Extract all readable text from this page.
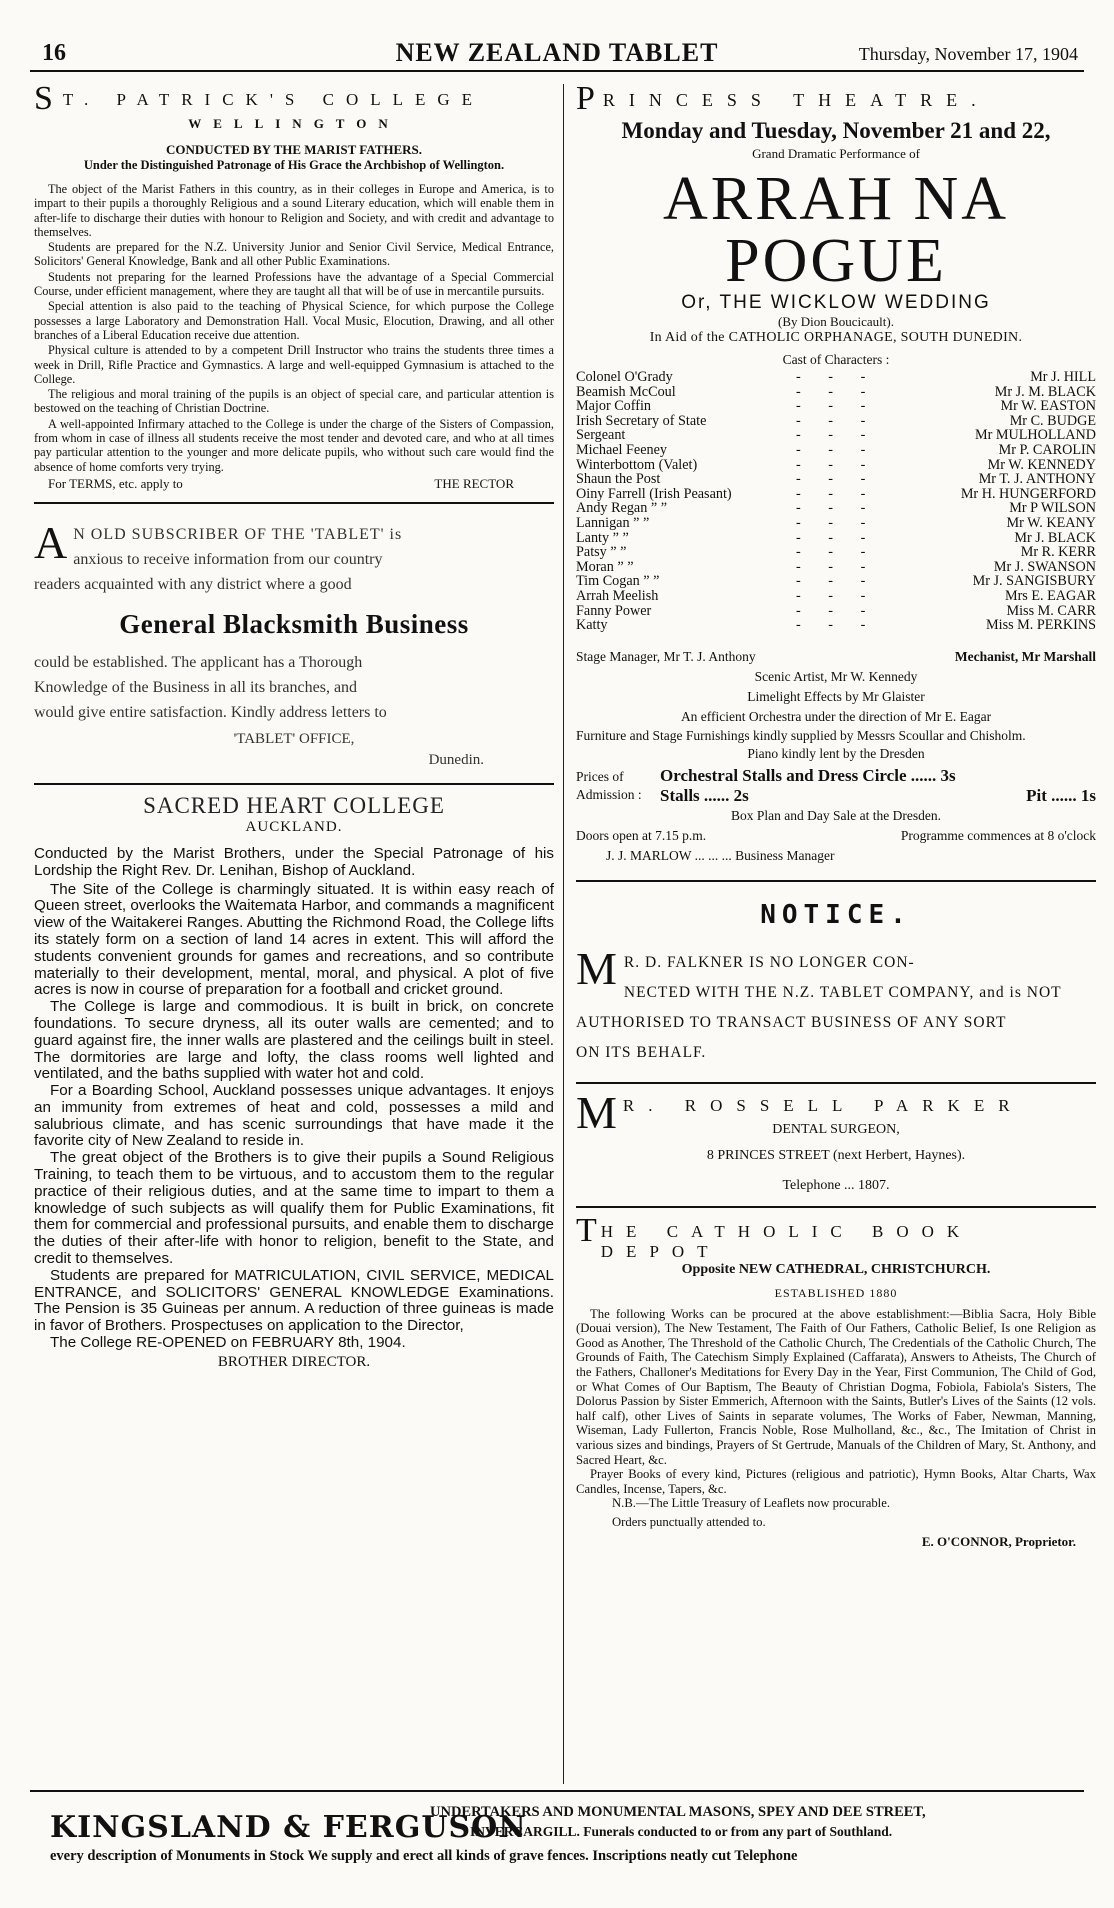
16	NEW ZEALAND TABLET	Thursday, November 17, 1904
S T. PATRICK'S COLLEGE
WELLINGTON
CONDUCTED BY THE MARIST FATHERS.
Under the Distinguished Patronage of His Grace the Archbishop of Wellington.

The object of the Marist Fathers in this country, as in their colleges in Europe and America, is to impart to their pupils a thoroughly Religious and a sound Literary education, which will enable them in after-life to discharge their duties with honour to Religion and Society, and with credit and advantage to themselves.

Students are prepared for the N.Z. University Junior and Senior Civil Service, Medical Entrance, Solicitors' General Knowledge, Bank and all other Public Examinations.

Students not preparing for the learned Professions have the advantage of a Special Commercial Course, under efficient management, where they are taught all that will be of use in mercantile pursuits.

Special attention is also paid to the teaching of Physical Science, for which purpose the College possesses a large Laboratory and Demonstration Hall. Vocal Music, Elocution, Drawing, and all other branches of a Liberal Education receive due attention.

Physical culture is attended to by a competent Drill Instructor who trains the students three times a week in Drill, Rifle Practice and Gymnastics. A large and well-equipped Gymnasium is attached to the College.

The religious and moral training of the pupils is an object of special care, and particular attention is bestowed on the teaching of Christian Doctrine.

A well-appointed Infirmary attached to the College is under the charge of the Sisters of Compassion, from whom in case of illness all students receive the most tender and devoted care, and who at all times pay particular attention to the younger and more delicate pupils, who without such care would find the absence of home comforts very trying.

For TERMS, etc. apply to	THE RECTOR
A N OLD SUBSCRIBER OF THE 'TABLET' is

anxious to receive information from our country

readers acquainted with any district where a good

General Blacksmith Business

could be established. The applicant has a Thorough

Knowledge of the Business in all its branches, and

would give entire satisfaction. Kindly address letters to

'TABLET' OFFICE,
Dunedin.
SACRED HEART COLLEGE
AUCKLAND.

Conducted by the Marist Brothers, under the Special Patronage of his Lordship the Right Rev. Dr. Lenihan, Bishop of Auckland.

The Site of the College is charmingly situated. It is within easy reach of Queen street, overlooks the Waitemata Harbor, and commands a magnificent view of the Waitakerei Ranges. Abutting the Richmond Road, the College lifts its stately form on a section of land 14 acres in extent. This will afford the students convenient grounds for games and recreations, and so contribute materially to their development, mental, moral, and physical. A plot of five acres is now in course of preparation for a football and cricket ground.

The College is large and commodious. It is built in brick, on concrete foundations. To secure dryness, all its outer walls are cemented; and to guard against fire, the inner walls are plastered and the ceilings built in steel. The dormitories are large and lofty, the class rooms well lighted and ventilated, and the baths supplied with water hot and cold.

For a Boarding School, Auckland possesses unique advantages. It enjoys an immunity from extremes of heat and cold, possesses a mild and salubrious climate, and has scenic surroundings that have made it the favorite city of New Zealand to reside in.

The great object of the Brothers is to give their pupils a Sound Religious Training, to teach them to be virtuous, and to accustom them to the regular practice of their religious duties, and at the same time to impart to them a knowledge of such subjects as will qualify them for Public Examinations, fit them for commercial and professional pursuits, and enable them to discharge the duties of their after-life with honor to religion, benefit to the State, and credit to themselves.

Students are prepared for MATRICULATION, CIVIL SERVICE, MEDICAL ENTRANCE, and SOLICITORS' GENERAL KNOWLEDGE Examinations. The Pension is 35 Guineas per annum. A reduction of three guineas is made in favor of Brothers. Prospectuses on application to the Director,

The College RE-OPENED on FEBRUARY 8th, 1904.

BROTHER DIRECTOR.
P RINCESS THEATRE.
Monday and Tuesday, November 21 and 22,
Grand Dramatic Performance of
ARRAH NA POGUE
Or, THE WICKLOW WEDDING
(By Dion Boucicault).
In Aid of the CATHOLIC ORPHANAGE, SOUTH DUNEDIN.
Cast of Characters :
Colonel O'Grady	- - -	Mr J. HILL
Beamish McCoul	- - -	Mr J. M. BLACK
Major Coffin	- - -	Mr W. EASTON
Irish Secretary of State	- - -	Mr C. BUDGE
Sergeant	- - -	Mr MULHOLLAND
Michael Feeney	- - -	Mr P. CAROLIN
Winterbottom (Valet)	- - -	Mr W. KENNEDY
Shaun the Post	- - -	Mr T. J. ANTHONY
Oiny Farrell (Irish Peasant)	- - -	Mr H. HUNGERFORD
Andy Regan ” ”	- - -	Mr P WILSON
Lannigan ” ”	- - -	Mr W. KEANY
Lanty ” ”	- - -	Mr J. BLACK
Patsy ” ”	- - -	Mr R. KERR
Moran ” ”	- - -	Mr J. SWANSON
Tim Cogan ” ”	- - -	Mr J. SANGISBURY
Arrah Meelish	- - -	Mrs E. EAGAR
Fanny Power	- - -	Miss M. CARR
Katty	- - -	Miss M. PERKINS
Stage Manager, Mr T. J. Anthony	Mechanist, Mr Marshall
Scenic Artist, Mr W. Kennedy
Limelight Effects by Mr Glaister
An efficient Orchestra under the direction of Mr E. Eagar
Furniture and Stage Furnishings kindly supplied by Messrs Scoullar and Chisholm.
Piano kindly lent by the Dresden
Prices of
Admission :
Orchestral Stalls and Dress Circle ...... 3s
Stalls ...... 2s	Pit ...... 1s
Box Plan and Day Sale at the Dresden.
Doors open at 7.15 p.m.	Programme commences at 8 o'clock
J. J. MARLOW ... ... ... Business Manager
NOTICE.
M R. D. FALKNER IS NO LONGER CON-
NECTED WITH THE N.Z. TABLET COMPANY, and is NOT
AUTHORISED TO TRANSACT BUSINESS OF ANY SORT
ON ITS BEHALF.
M R. ROSSELL PARKER
DENTAL SURGEON,
8 PRINCES STREET (next Herbert, Haynes).
Telephone ... 1807.
T HE CATHOLIC BOOK DEPOT
Opposite NEW CATHEDRAL, CHRISTCHURCH.
ESTABLISHED 1880
The following Works can be procured at the above establishment:—Biblia Sacra, Holy Bible (Douai version), The New Testament, The Faith of Our Fathers, Catholic Belief, Is one Religion as Good as Another, The Threshold of the Catholic Church, The Credentials of the Catholic Church, The Grounds of Faith, The Catechism Simply Explained (Caffarata), Answers to Atheists, The Church of the Fathers, Challoner's Meditations for Every Day in the Year, First Communion, The Child of God, or What Comes of Our Baptism, The Beauty of Christian Dogma, Fobiola, Fabiola's Sisters, The Dolorus Passion by Sister Emmerich, Afternoon with the Saints, Butler's Lives of the Saints (12 vols. half calf), other Lives of Saints in separate volumes, The Works of Faber, Newman, Manning, Wiseman, Lady Fullerton, Francis Noble, Rose Mulholland, &c., &c., The Imitation of Christ in various sizes and bindings, Prayers of St Gertrude, Manuals of the Children of Mary, St. Anthony, and Sacred Heart, &c.
Prayer Books of every kind, Pictures (religious and patriotic), Hymn Books, Altar Charts, Wax Candles, Incense, Tapers, &c.
N.B.—The Little Treasury of Leaflets now procurable.
Orders punctually attended to.
E. O'CONNOR, Proprietor.
KINGSLAND & FERGUSON
UNDERTAKERS AND MONUMENTAL MASONS, SPEY AND DEE STREET,
INVERCARGILL. Funerals conducted to or from any part of Southland.
every description of Monuments in Stock We supply and erect all kinds of grave fences. Inscriptions neatly cut Telephone
